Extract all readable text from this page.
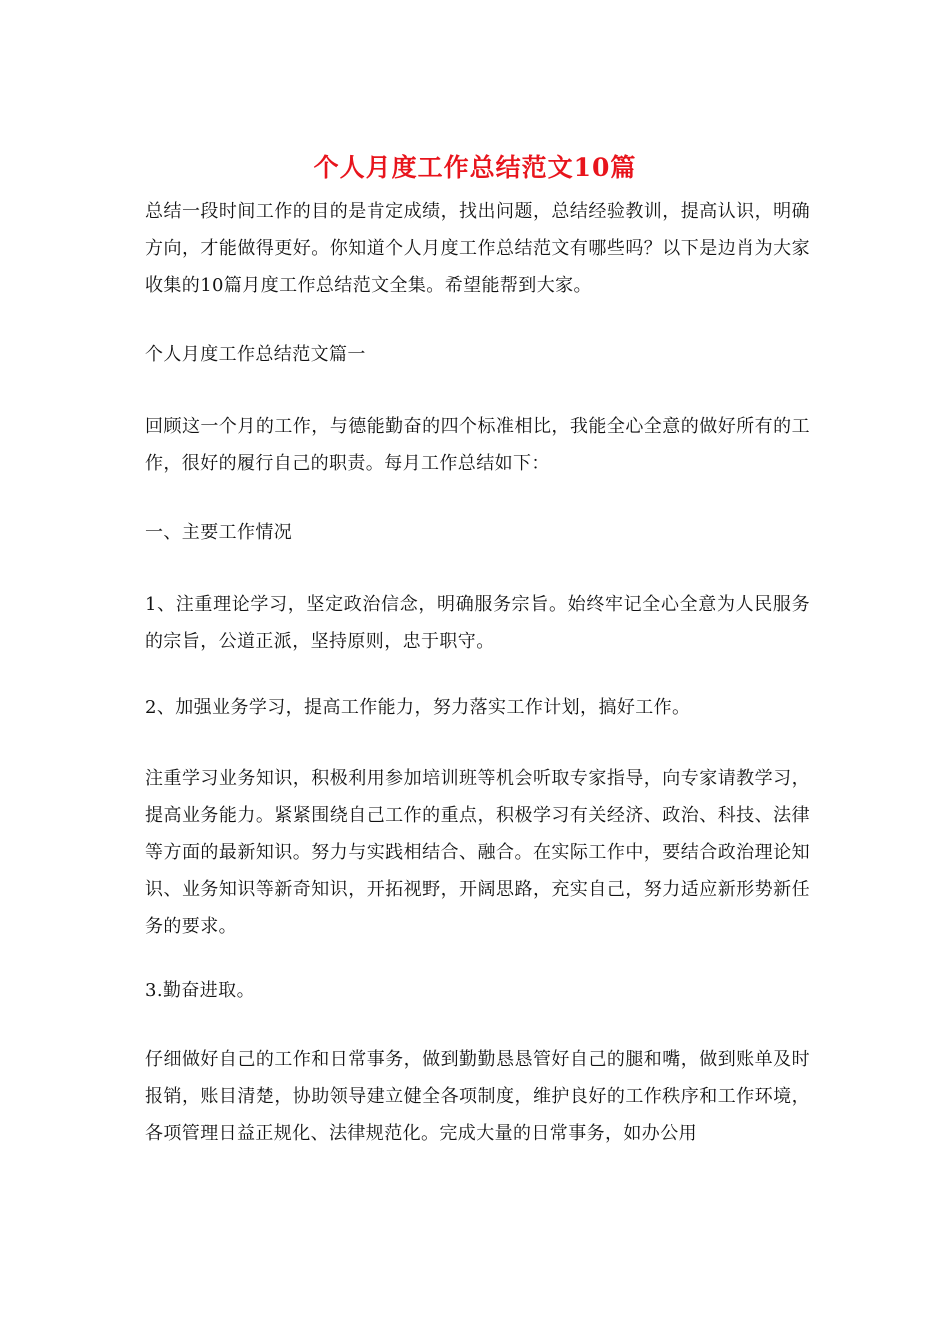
个人月度工作总结范文10篇

总结一段时间工作的目的是肯定成绩，找出问题，总结经验教训，提高认识，明确方向，才能做得更好。你知道个人月度工作总结范文有哪些吗？以下是边肖为大家收集的10篇月度工作总结范文全集。希望能帮到大家。

个人月度工作总结范文篇一

回顾这一个月的工作，与德能勤奋的四个标准相比，我能全心全意的做好所有的工作，很好的履行自己的职责。每月工作总结如下：

一、主要工作情况

1、注重理论学习，坚定政治信念，明确服务宗旨。始终牢记全心全意为人民服务的宗旨，公道正派，坚持原则，忠于职守。

2、加强业务学习，提高工作能力，努力落实工作计划，搞好工作。

注重学习业务知识，积极利用参加培训班等机会听取专家指导，向专家请教学习，提高业务能力。紧紧围绕自己工作的重点，积极学习有关经济、政治、科技、法律等方面的最新知识。努力与实践相结合、融合。在实际工作中，要结合政治理论知识、业务知识等新奇知识，开拓视野，开阔思路，充实自己，努力适应新形势新任务的要求。

3.勤奋进取。

仔细做好自己的工作和日常事务，做到勤勤恳恳管好自己的腿和嘴，做到账单及时报销，账目清楚，协助领导建立健全各项制度，维护良好的工作秩序和工作环境，各项管理日益正规化、法律规范化。完成大量的日常事务，如办公用
